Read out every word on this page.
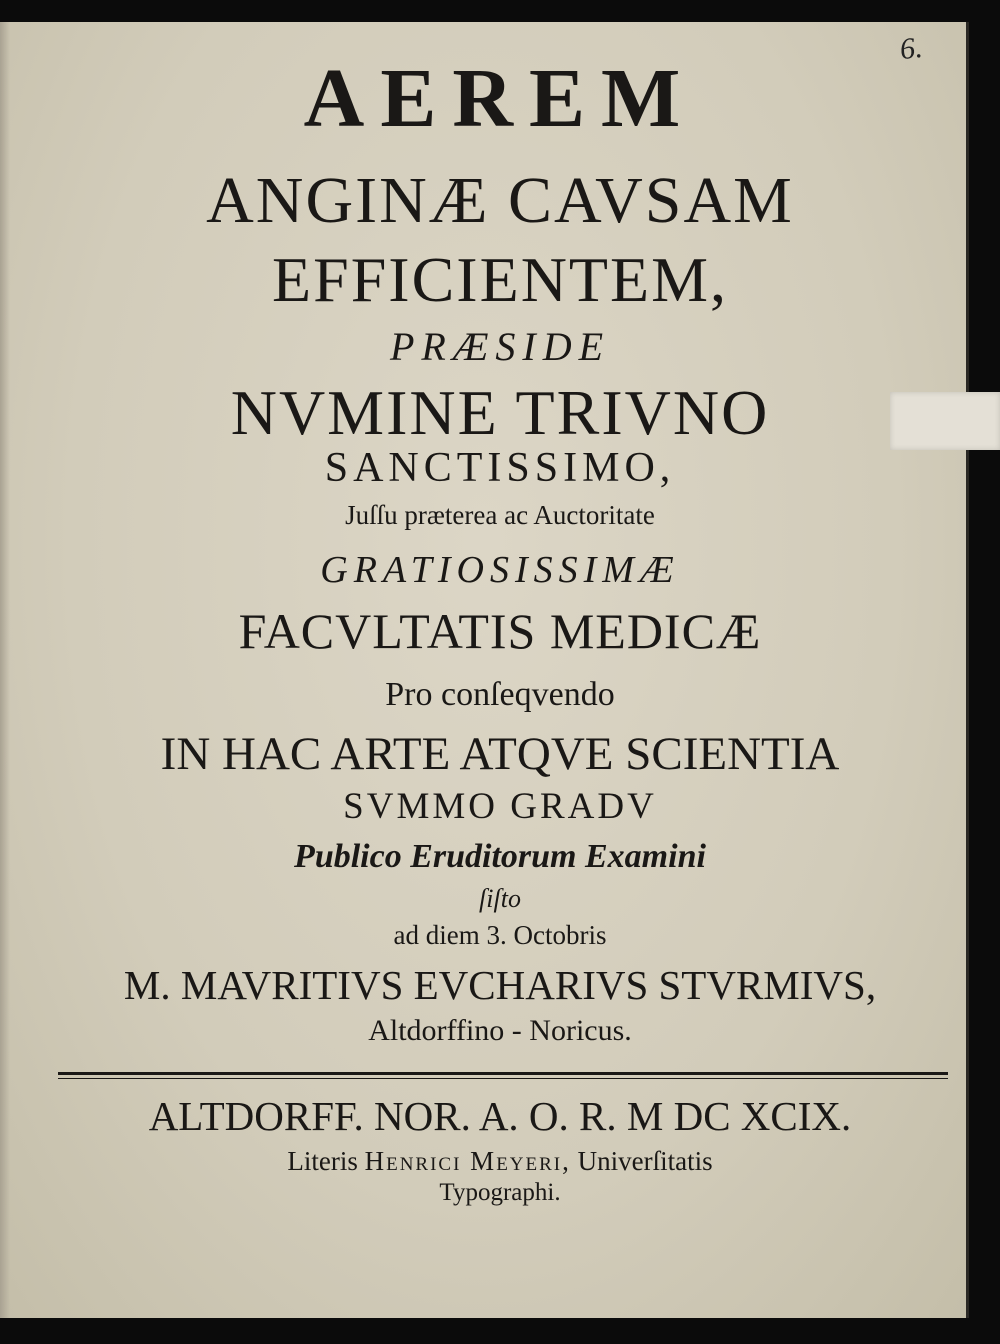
6.
AEREM
ANGINÆ CAVSAM
EFFICIENTEM,
PRÆSIDE
NVMINE TRIVNO
SANCTISSIMO,
Juſſu præterea ac Auctoritate
GRATIOSISSIMÆ
FACVLTATIS MEDICÆ
Pro conſeqvendo
IN HAC ARTE ATQVE SCIENTIA
SVMMO GRADV
Publico Eruditorum Examini
ſiſto
ad diem 3. Octobris
M. MAVRITIVS EVCHARIVS STVRMIVS,
Altdorffino - Noricus.
ALTDORFF. NOR. A. O. R. M DC XCIX.
Literis Henrici Meyeri, Univerſitatis
Typographi.
